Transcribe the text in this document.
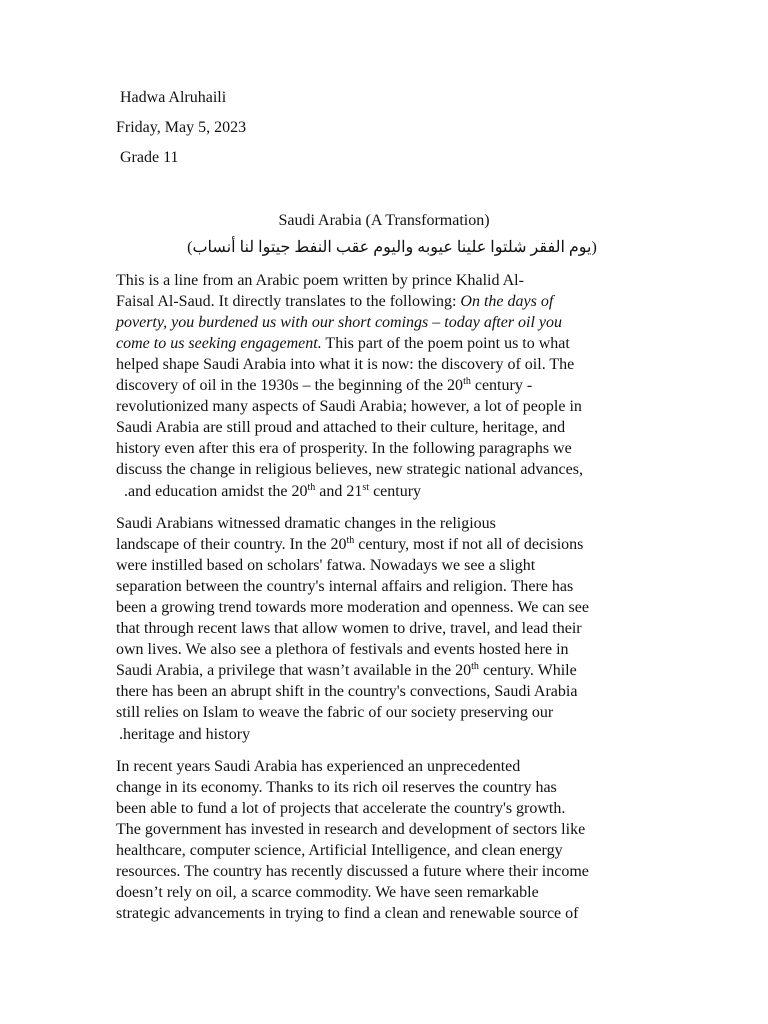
Hadwa Alruhaili
Friday, May 5, 2023
Grade 11
Saudi Arabia (A Transformation)
(يوم الفقر شلتوا علينا عيوبه واليوم عقب النفط جيتوا لنا أنساب)
This is a line from an Arabic poem written by prince Khalid Al-
Faisal Al-Saud. It directly translates to the following: On the days of
poverty, you burdened us with our short comings – today after oil you
come to us seeking engagement. This part of the poem point us to what
helped shape Saudi Arabia into what it is now: the discovery of oil. The
discovery of oil in the 1930s – the beginning of the 20th century -
revolutionized many aspects of Saudi Arabia; however, a lot of people in
Saudi Arabia are still proud and attached to their culture, heritage, and
history even after this era of prosperity. In the following paragraphs we
discuss the change in religious believes, new strategic national advances,
.and education amidst the 20th and 21st century
Saudi Arabians witnessed dramatic changes in the religious
landscape of their country. In the 20th century, most if not all of decisions
were instilled based on scholars' fatwa. Nowadays we see a slight
separation between the country's internal affairs and religion. There has
been a growing trend towards more moderation and openness. We can see
that through recent laws that allow women to drive, travel, and lead their
own lives. We also see a plethora of festivals and events hosted here in
Saudi Arabia, a privilege that wasn’t available in the 20th century. While
there has been an abrupt shift in the country's convections, Saudi Arabia
still relies on Islam to weave the fabric of our society preserving our
.heritage and history
In recent years Saudi Arabia has experienced an unprecedented
change in its economy. Thanks to its rich oil reserves the country has
been able to fund a lot of projects that accelerate the country's growth.
The government has invested in research and development of sectors like
healthcare, computer science, Artificial Intelligence, and clean energy
resources. The country has recently discussed a future where their income
doesn’t rely on oil, a scarce commodity. We have seen remarkable
strategic advancements in trying to find a clean and renewable source of
